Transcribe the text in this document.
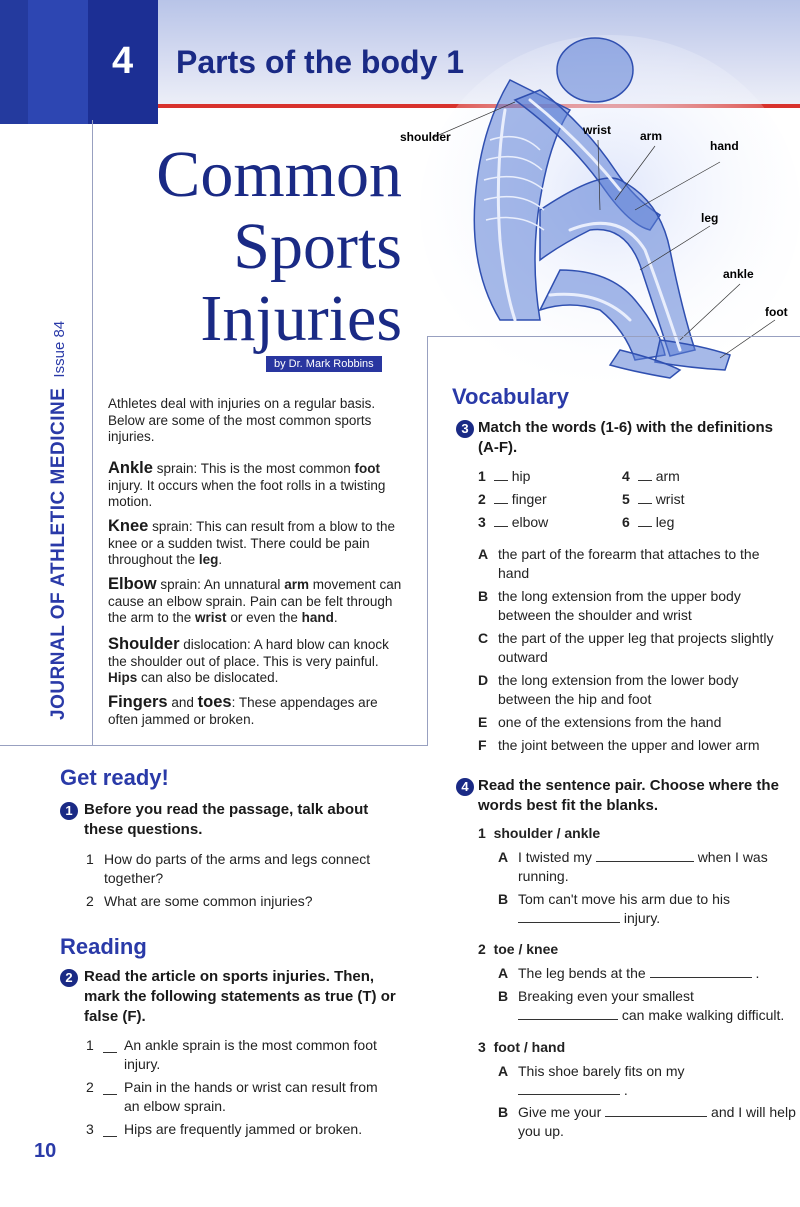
4 Parts of the body 1
shoulder	wrist arm
hand
leg
ankle
foot
JOURNAL OF ATHLETIC MEDICINEIssue 84
Common
Sports
Injuries
by Dr. Mark Robbins
Athletes deal with injuries on a regular basis. Below are some of the most common sports injuries.
Ankle sprain: This is the most common foot injury. It occurs when the foot rolls in a twisting motion.
Knee sprain: This can result from a blow to the knee or a sudden twist. There could be pain throughout the leg.
Elbow sprain: An unnatural arm movement can cause an elbow sprain. Pain can be felt through the arm to the wrist or even the hand.
Shoulder dislocation: A hard blow can knock the shoulder out of place. This is very painful. Hips can also be dislocated.
Fingers and toes: These appendages are often jammed or broken.
Get ready!
1 Before you read the passage, talk about these questions.
1 How do parts of the arms and legs connect together?
2 What are some common injuries?
Reading
2 Read the article on sports injuries. Then, mark the following statements as true (T) or false (F).
1 An ankle sprain is the most common foot injury.
2 Pain in the hands or wrist can result from an elbow sprain.
3 Hips are frequently jammed or broken.
Vocabulary
3 Match the words (1-6) with the definitions (A-F).
1 hip
2 finger
3 elbow
4 arm
5 wrist
6 leg
A the part of the forearm that attaches to the hand
B the long extension from the upper body between the shoulder and wrist
C the part of the upper leg that projects slightly outward
D the long extension from the lower body between the hip and foot
E one of the extensions from the hand
F the joint between the upper and lower arm
4 Read the sentence pair. Choose where the words best fit the blanks.
1 shoulder / ankle
A I twisted my	when I was running.
B Tom can't move his arm due to his
injury.
2 toe / knee
A The leg bends at the	.
B Breaking even your smallest
can make walking difficult.
3 foot / hand
A This shoe barely fits on my
.
B Give me your	and I will help you up.
10
